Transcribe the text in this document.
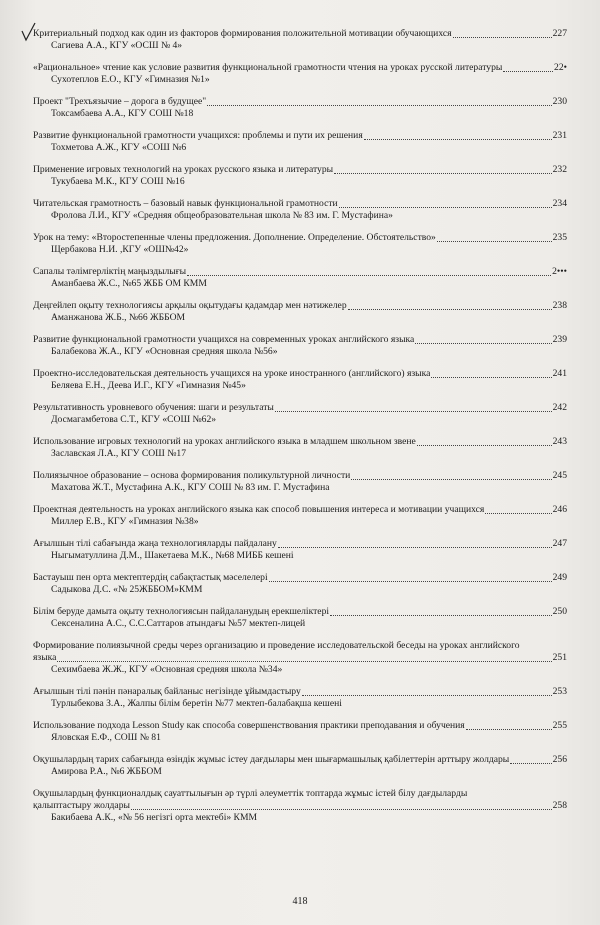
Критериальный подход как один из факторов формирования положительной мотивации обучающихся	227
Сагиева А.А., КГУ «ОСШ № 4»
«Рациональное» чтение как условие развития функциональной грамотности чтения на уроках русской литературы	22•
Сухотеплов Е.О., КГУ «Гимназия №1»
Проект "Трехъязычие – дорога в будущее"	230
Токсамбаева А.А., КГУ СОШ №18
Развитие функциональной грамотности учащихся: проблемы и пути их решения	231
Тохметова А.Ж., КГУ «СОШ №6
Применение игровых технологий на уроках русского языка и литературы	232
Тукубаева М.К., КГУ СОШ №16
Читательская грамотность – базовый навык функциональной грамотности	234
Фролова Л.И., КГУ «Средняя общеобразовательная школа № 83 им. Г. Мустафина»
Урок на тему: «Второстепенные члены предложения. Дополнение. Определение. Обстоятельство»	235
Щербакова Н.И. ,КГУ «ОШ№42»
Сапалы тәлімгерліктің маңыздылығы	2•••
Аманбаева Ж.С., №65 ЖББ ОМ КММ
Деңгейлеп оқыту технологиясы арқылы оқытудағы қадамдар мен нәтижелер	238
Аманжанова Ж.Б., №66 ЖББОМ
Развитие функциональной грамотности учащихся на современных уроках английского языка	239
Балабекова Ж.А., КГУ «Основная средняя школа №56»
Проектно-исследовательская деятельность учащихся на уроке иностранного (английского) языка	241
Беляева Е.Н., Деева И.Г., КГУ «Гимназия №45»
Результативность уровневого обучения: шаги и результаты	242
Досмагамбетова С.Т., КГУ «СОШ №62»
Использование игровых технологий на уроках английского языка в младшем школьном звене	243
Заславская Л.А., КГУ СОШ №17
Полиязычное образование – основа формирования поликультурной личности	245
Махатова Ж.Т., Мустафина А.К., КГУ СОШ № 83 им. Г. Мустафина
Проектная деятельность на уроках английского языка как способ повышения интереса и мотивации учащихся	246
Миллер Е.В., КГУ «Гимназия №38»
Ағылшын тілі сабағында жаңа технологияларды пайдалану	247
Ныгыматуллина Д.М., Шакетаева М.К., №68 МИББ кешені
Бастауыш пен орта мектептердің сабақтастық мәселелері	249
Садыкова Д.С. «№ 25ЖББОМ»КММ
Білім беруде дамыта оқыту технологиясын пайдаланудың ерекшеліктері	250
Сексеналина А.С., С.С.Саттаров атындағы №57 мектеп-лицей
Формирование полиязычной среды через организацию и проведение исследовательской беседы на уроках английского
языка	251
Сехимбаева Ж.Ж., КГУ «Основная средняя школа №34»
Ағылшын тілі пәнін пәнаралық байланыс негізінде ұйымдастыру	253
Турлыбекова З.А., Жалпы білім беретін №77 мектеп-балабақша кешені
Использование подхода Lesson Study как способа совершенствования практики преподавания и обучения	255
Яловская Е.Ф., СОШ № 81
Оқушылардың тарих сабағында өзіндік жұмыс істеу дағдылары мен шығармашылық қабілеттерін арттыру жолдары	256
Амирова Р.А., №6 ЖББОМ
Оқушылардың функционалдық сауаттылығын әр түрлі әлеуметтік топтарда жұмыс істей білу дағдыларды
қалыптастыру жолдары	258
Бакибаева А.К., «№ 56 негізгі орта мектебі» КММ
418
